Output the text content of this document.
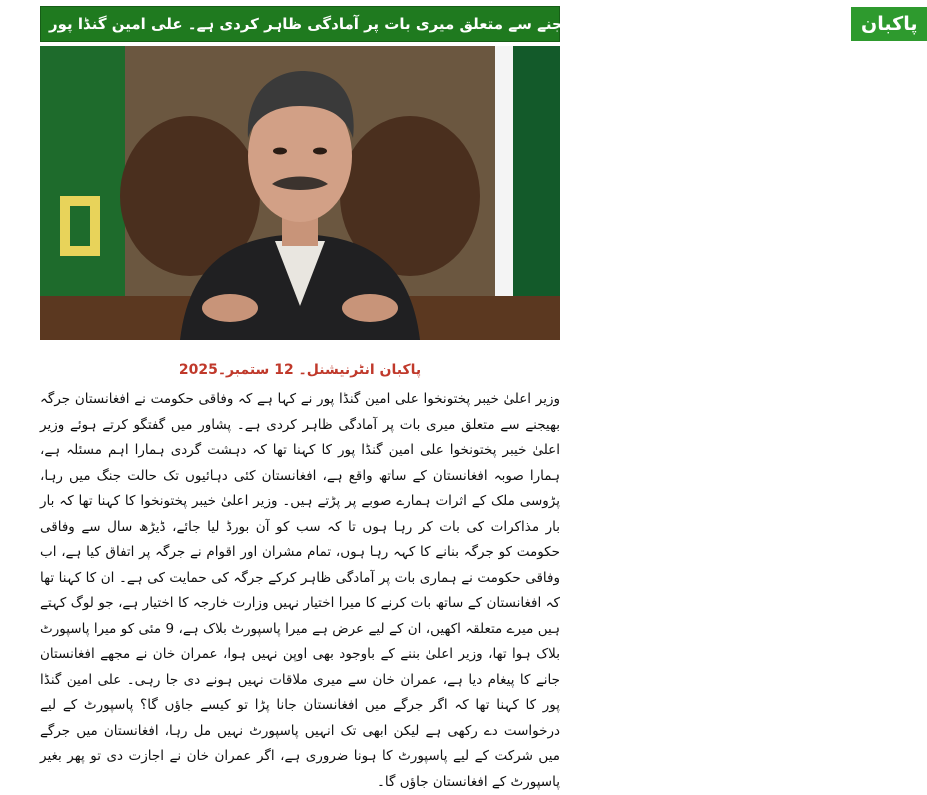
وفاقی حکومت نے افغانستان جرگہ بھیجنے سے متعلق میری بات پر آمادگی ظاہر کردی ہے۔ علی امین گنڈا پور	پاکبان
پاکبان انٹرنیشنل۔ 12 ستمبر۔2025
وزیر اعلیٰ خیبر پختونخوا علی امین گنڈا پور نے کہا ہے کہ وفاقی حکومت نے افغانستان جرگہ بھیجنے سے متعلق میری بات پر آمادگی ظاہر کردی ہے۔ پشاور میں گفتگو کرتے ہوئے وزیر اعلیٰ خیبر پختونخوا علی امین گنڈا پور کا کہنا تھا کہ دہشت گردی ہمارا اہم مسئلہ ہے، ہمارا صوبہ افغانستان کے ساتھ واقع ہے، افغانستان کئی دہائیوں تک حالت جنگ میں رہا، پڑوسی ملک کے اثرات ہمارے صوبے پر پڑتے ہیں۔ وزیر اعلیٰ خیبر پختونخوا کا کہنا تھا کہ بار بار مذاکرات کی بات کر رہا ہوں تا کہ سب کو آن بورڈ لیا جائے، ڈیڑھ سال سے وفاقی حکومت کو جرگہ بنانے کا کہہ رہا ہوں، تمام مشران اور اقوام نے جرگہ پر اتفاق کیا ہے، اب وفاقی حکومت نے ہماری بات پر آمادگی ظاہر کرکے جرگہ کی حمایت کی ہے۔ ان کا کہنا تھا کہ افغانستان کے ساتھ بات کرنے کا میرا اختیار نہیں وزارت خارجہ کا اختیار ہے، جو لوگ کہتے ہیں میرے متعلقہ اکھیں، ان کے لیے عرض ہے میرا پاسپورٹ بلاک ہے، 9 مئی کو میرا پاسپورٹ بلاک ہوا تھا، وزیر اعلیٰ بننے کے باوجود بھی اوپن نہیں ہوا، عمران خان نے مجھے افغانستان جانے کا پیغام دیا ہے، عمران خان سے میری ملاقات نہیں ہونے دی جا رہی۔ علی امین گنڈا پور کا کہنا تھا کہ اگر جرگے میں افغانستان جانا پڑا تو کیسے جاؤں گا؟ پاسپورٹ کے لیے درخواست دے رکھی ہے لیکن ابھی تک انہیں پاسپورٹ نہیں مل رہا، افغانستان میں جرگے میں شرکت کے لیے پاسپورٹ کا ہونا ضروری ہے، اگر عمران خان نے اجازت دی تو پھر بغیر پاسپورٹ کے افغانستان جاؤں گا۔
